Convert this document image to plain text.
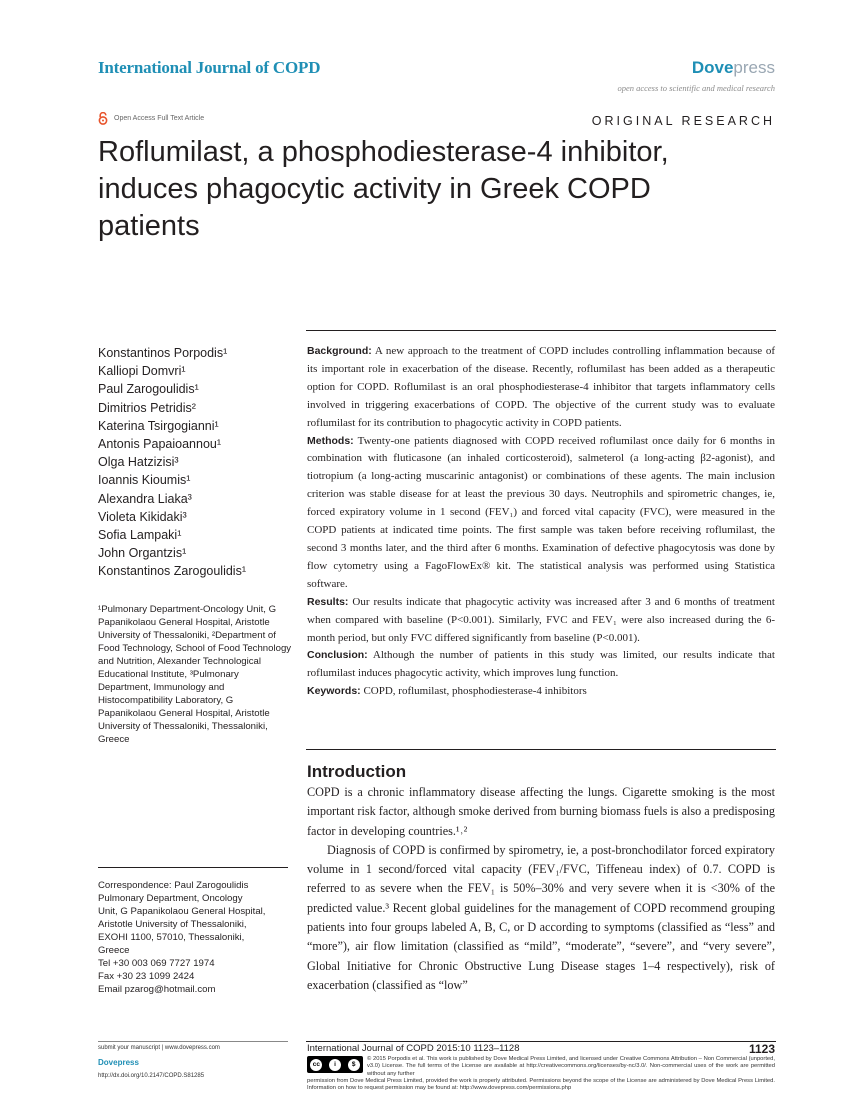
International Journal of COPD	Dovepress
open access to scientific and medical research
Open Access Full Text Article	ORIGINAL RESEARCH
Roflumilast, a phosphodiesterase-4 inhibitor, induces phagocytic activity in Greek COPD patients
Konstantinos Porpodis¹
Kalliopi Domvri¹
Paul Zarogoulidis¹
Dimitrios Petridis²
Katerina Tsirgogianni¹
Antonis Papaioannou¹
Olga Hatzizisi³
Ioannis Kioumis¹
Alexandra Liaka³
Violeta Kikidaki³
Sofia Lampaki¹
John Organtzis¹
Konstantinos Zarogoulidis¹
¹Pulmonary Department-Oncology Unit, G Papanikolaou General Hospital, Aristotle University of Thessaloniki, ²Department of Food Technology, School of Food Technology and Nutrition, Alexander Technological Educational Institute, ³Pulmonary Department, Immunology and Histocompatibility Laboratory, G Papanikolaou General Hospital, Aristotle University of Thessaloniki, Thessaloniki, Greece
Correspondence: Paul Zarogoulidis
Pulmonary Department, Oncology
Unit, G Papanikolaou General Hospital,
Aristotle University of Thessaloniki,
EXOHI 1100, 57010, Thessaloniki,
Greece
Tel +30 003 069 7727 1974
Fax +30 23 1099 2424
Email pzarog@hotmail.com

Background: A new approach to the treatment of COPD includes controlling inflammation because of its important role in exacerbation of the disease. Recently, roflumilast has been added as a therapeutic option for COPD. Roflumilast is an oral phosphodiesterase-4 inhibitor that targets inflammatory cells involved in triggering exacerbations of COPD. The objective of the current study was to evaluate roflumilast for its contribution to phagocytic activity in COPD patients.

Methods: Twenty-one patients diagnosed with COPD received roflumilast once daily for 6 months in combination with fluticasone (an inhaled corticosteroid), salmeterol (a long-acting β2-agonist), and tiotropium (a long-acting muscarinic antagonist) or combinations of these agents. The main inclusion criterion was stable disease for at least the previous 30 days. Neutrophils and spirometric changes, ie, forced expiratory volume in 1 second (FEV₁) and forced vital capacity (FVC), were measured in the COPD patients at indicated time points. The first sample was taken before receiving roflumilast, the second 3 months later, and the third after 6 months. Examination of defective phagocytosis was done by flow cytometry using a FagoFlowEx® kit. The statistical analysis was performed using Statistica software.

Results: Our results indicate that phagocytic activity was increased after 3 and 6 months of treatment when compared with baseline (P<0.001). Similarly, FVC and FEV₁ were also increased during the 6-month period, but only FVC differed significantly from baseline (P<0.001).

Conclusion: Although the number of patients in this study was limited, our results indicate that roflumilast induces phagocytic activity, which improves lung function.

Keywords: COPD, roflumilast, phosphodiesterase-4 inhibitors

Introduction

COPD is a chronic inflammatory disease affecting the lungs. Cigarette smoking is the most important risk factor, although smoke derived from burning biomass fuels is also a predisposing factor in developing countries.¹˒²

Diagnosis of COPD is confirmed by spirometry, ie, a post-bronchodilator forced expiratory volume in 1 second/forced vital capacity (FEV₁/FVC, Tiffeneau index) of 0.7. COPD is referred to as severe when the FEV₁ is 50%–30% and very severe when it is <30% of the predicted value.³ Recent global guidelines for the management of COPD recommend grouping patients into four groups labeled A, B, C, or D according to symptoms (classified as “less” and “more”), air flow limitation (classified as “mild”, “moderate”, “severe”, and “very severe”, Global Initiative for Chronic Obstructive Lung Disease stages 1–4 respectively), risk of exacerbation (classified as “low”

submit your manuscript | www.dovepress.com
Dovepress
http://dx.doi.org/10.2147/COPD.S81285
International Journal of COPD 2015:10 1123–1128	1123
cc	i	$
© 2015 Porpodis et al. This work is published by Dove Medical Press Limited, and licensed under Creative Commons Attribution – Non Commercial (unported, v3.0) License. The full terms of the License are available at http://creativecommons.org/licenses/by-nc/3.0/. Non-commercial uses of the work are permitted without any further
permission from Dove Medical Press Limited, provided the work is properly attributed. Permissions beyond the scope of the License are administered by Dove Medical Press Limited. Information on how to request permission may be found at: http://www.dovepress.com/permissions.php
